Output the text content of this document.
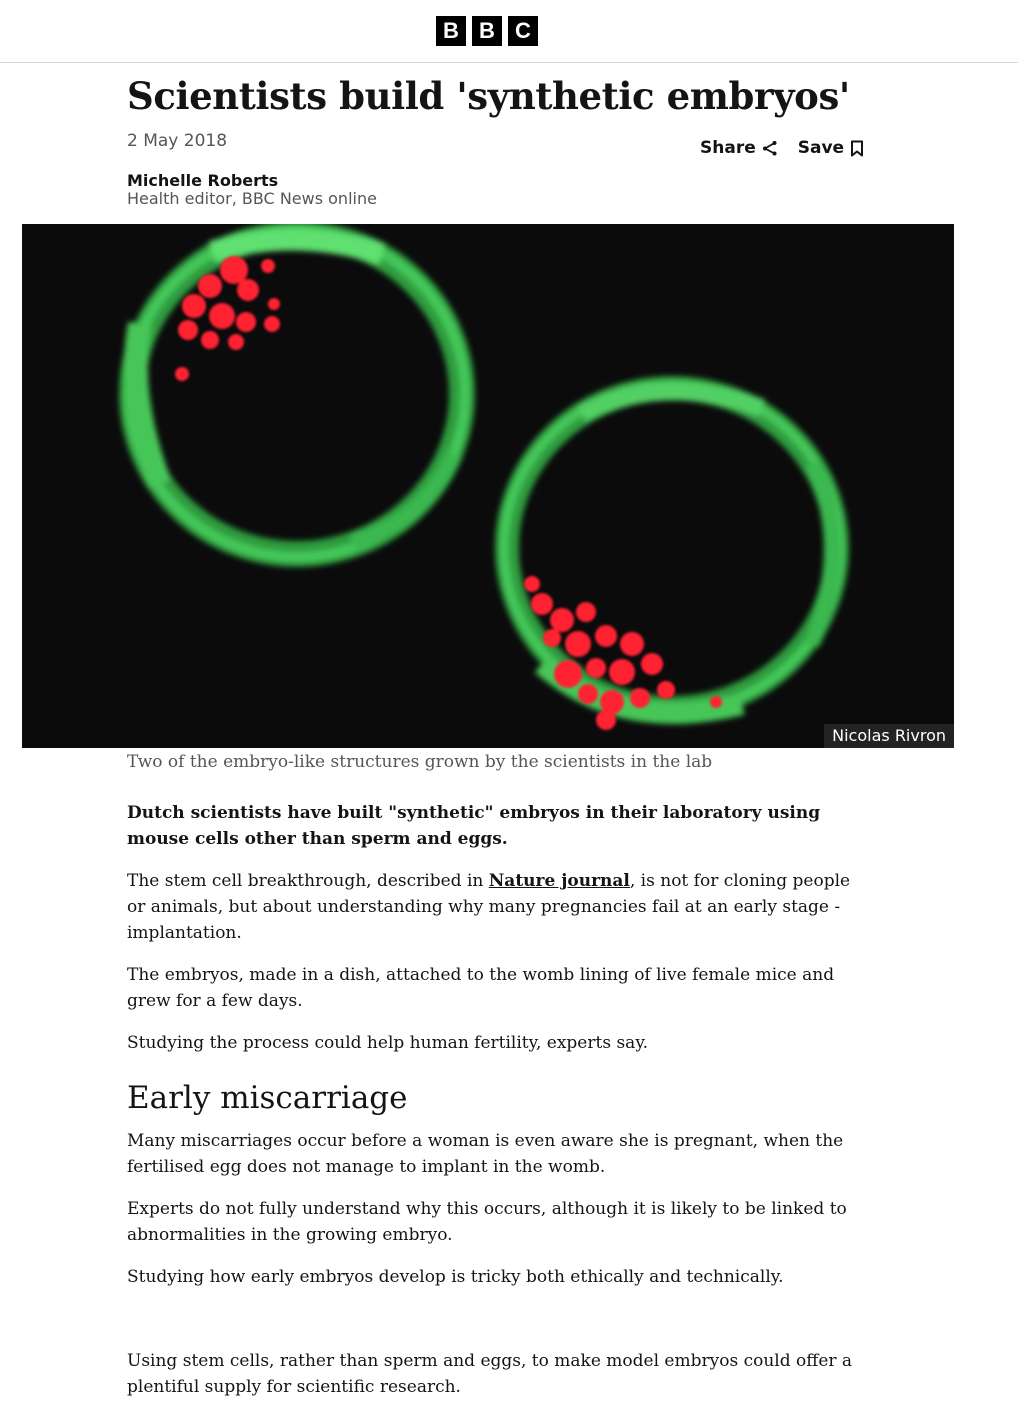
B B C
Scientists build 'synthetic embryos'
2 May 2018	Share Save
Michelle Roberts
Health editor, BBC News online
Nicolas Rivron
Two of the embryo-like structures grown by the scientists in the lab

Dutch scientists have built "synthetic" embryos in their laboratory using mouse cells other than sperm and eggs.

The stem cell breakthrough, described in Nature journal, is not for cloning people or animals, but about understanding why many pregnancies fail at an early stage - implantation.

The embryos, made in a dish, attached to the womb lining of live female mice and grew for a few days.

Studying the process could help human fertility, experts say.

Early miscarriage

Many miscarriages occur before a woman is even aware she is pregnant, when the fertilised egg does not manage to implant in the womb.

Experts do not fully understand why this occurs, although it is likely to be linked to abnormalities in the growing embryo.

Studying how early embryos develop is tricky both ethically and technically.

Using stem cells, rather than sperm and eggs, to make model embryos could offer a plentiful supply for scientific research.
